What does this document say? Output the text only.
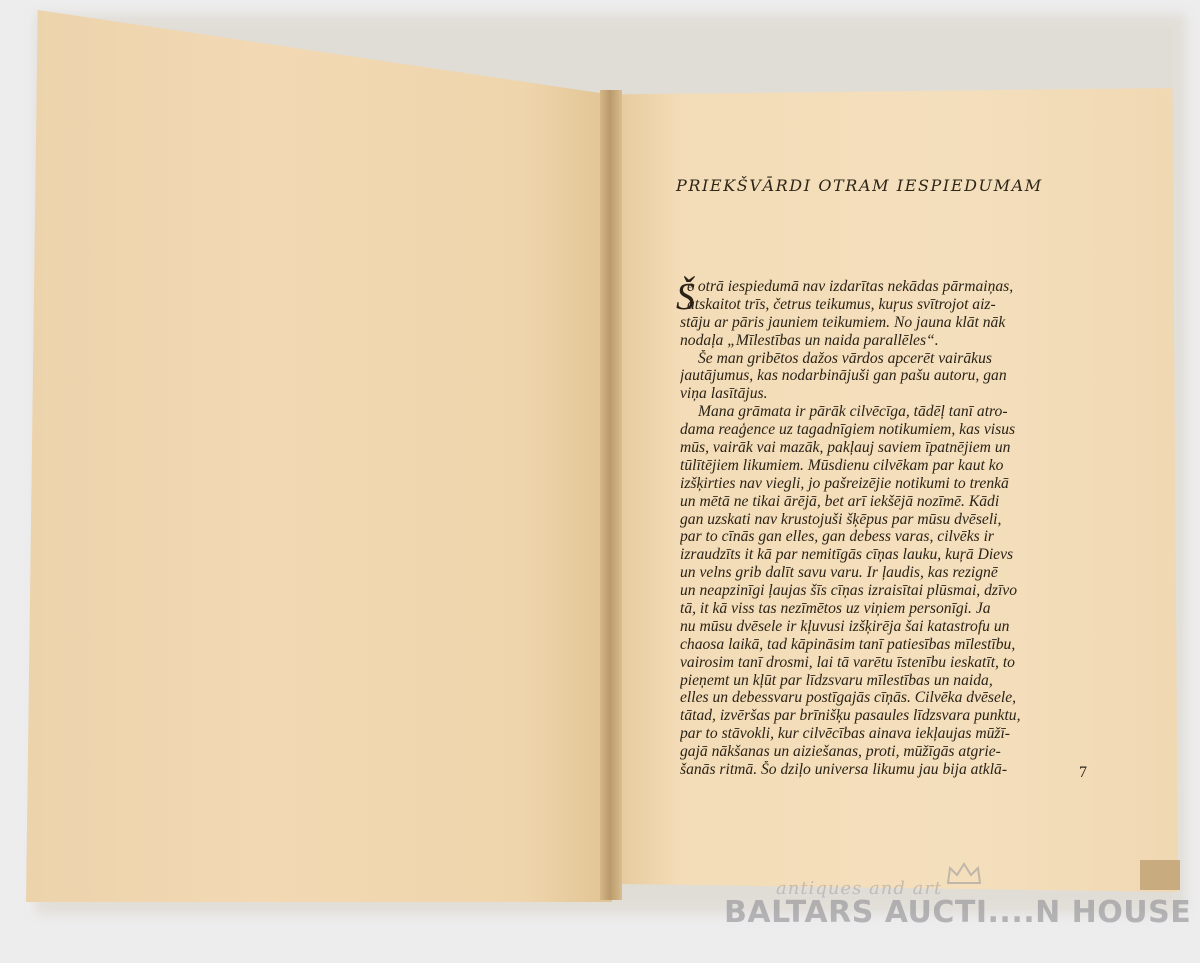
PRIEKŠVĀRDI OTRAM IESPIEDUMAM
Š
e otrā iespiedumā nav izdarītas nekādas pārmaiņas,
atskaitot trīs, četrus teikumus, kuŗus svītrojot aiz-
stāju ar pāris jauniem teikumiem. No jauna klāt nāk
nodaļa „Mīlestības un naida parallēles“.
Še man gribētos dažos vārdos apcerēt vairākus
jautājumus, kas nodarbinājuši gan pašu autoru, gan
viņa lasītājus.
Mana grāmata ir pārāk cilvēcīga, tādēļ tanī atro-
dama reaģence uz tagadnīgiem notikumiem, kas visus
mūs, vairāk vai mazāk, pakļauj saviem īpatnējiem un
tūlītējiem likumiem. Mūsdienu cilvēkam par kaut ko
izšķirties nav viegli, jo pašreizējie notikumi to trenkā
un mētā ne tikai ārējā, bet arī iekšējā nozīmē. Kādi
gan uzskati nav krustojuši šķēpus par mūsu dvēseli,
par to cīnās gan elles, gan debess varas, cilvēks ir
izraudzīts it kā par nemitīgās cīņas lauku, kuŗā Dievs
un velns grib dalīt savu varu. Ir ļaudis, kas rezignē
un neapzinīgi ļaujas šīs cīņas izraisītai plūsmai, dzīvo
tā, it kā viss tas nezīmētos uz viņiem personīgi. Ja
nu mūsu dvēsele ir kļuvusi izšķirēja šai katastrofu un
chaosa laikā, tad kāpināsim tanī patiesības mīlestību,
vairosim tanī drosmi, lai tā varētu īstenību ieskatīt, to
pieņemt un kļūt par līdzsvaru mīlestības un naida,
elles un debessvaru postīgajās cīņās. Cilvēka dvēsele,
tātad, izvēršas par brīnišķu pasaules līdzsvara punktu,
par to stāvokli, kur cilvēcības ainava iekļaujas mūžī-
gajā nākšanas un aiziešanas, proti, mūžīgās atgrie-
šanās ritmā. Šo dziļo universa likumu jau bija atklā-	7
antiques and art
BALTARS AUCTI....N HOUSE
